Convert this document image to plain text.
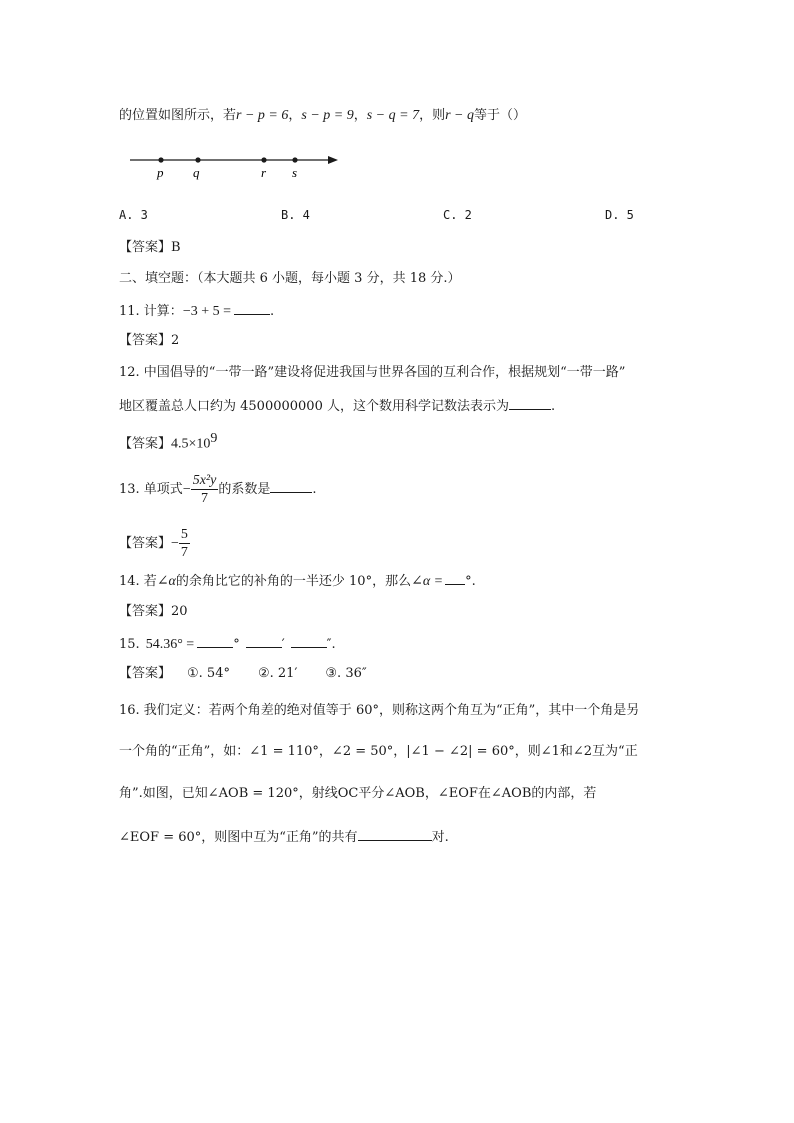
的位置如图所示，若r − p = 6，s − p = 9，s − q = 7，则r − q等于（）
p q	r s
A. 3	B. 4	C. 2	D. 5
【答案】B
二、填空题：（本大题共 6 小题，每小题 3 分，共 18 分.）
11. 计算：−3 + 5 =	.
【答案】2
12. 中国倡导的“一带一路”建设将促进我国与世界各国的互利合作，根据规划“一带一路”
地区覆盖总人口约为 4500000000 人，这个数用科学记数法表示为	.
【答案】$4.5\times 10^9$
13. 单项式− $\frac{\text{5x²y}}{7}$ 的系数是	.
【答案】− $\frac{5}{7}$
14. 若∠α的余角比它的补角的一半还少 10°，那么∠α = °.
【答案】20
15. 54.36° =	°	′	″.
【答案】 ①. 54° ②. 21′ ③. 36″
16. 我们定义：若两个角差的绝对值等于 60°，则称这两个角互为“正角”，其中一个角是另
一个角的“正角”，如：∠1 = 110°，∠2 = 50°，|∠1 − ∠2| = 60°，则∠1和∠2互为“正
角”.如图，已知∠AOB = 120°，射线OC平分∠AOB，∠EOF在∠AOB的内部，若
∠EOF = 60°，则图中互为“正角”的共有	对.
